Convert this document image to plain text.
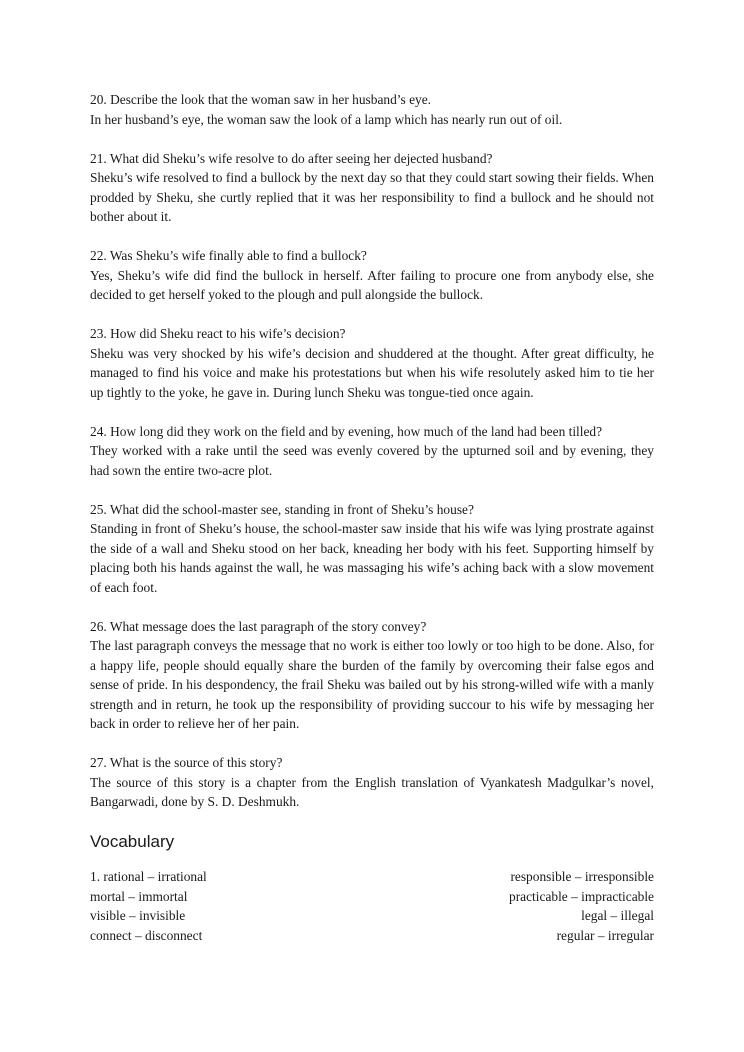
20. Describe the look that the woman saw in her husband’s eye.

In her husband’s eye, the woman saw the look of a lamp which has nearly run out of oil.

21. What did Sheku’s wife resolve to do after seeing her dejected husband?

Sheku’s wife resolved to find a bullock by the next day so that they could start sowing their fields. When prodded by Sheku, she curtly replied that it was her responsibility to find a bullock and he should not bother about it.

22. Was Sheku’s wife finally able to find a bullock?

Yes, Sheku’s wife did find the bullock in herself. After failing to procure one from anybody else, she decided to get herself yoked to the plough and pull alongside the bullock.

23. How did Sheku react to his wife’s decision?

Sheku was very shocked by his wife’s decision and shuddered at the thought. After great difficulty, he managed to find his voice and make his protestations but when his wife resolutely asked him to tie her up tightly to the yoke, he gave in. During lunch Sheku was tongue-tied once again.

24. How long did they work on the field and by evening, how much of the land had been tilled?

They worked with a rake until the seed was evenly covered by the upturned soil and by evening, they had sown the entire two-acre plot.

25. What did the school-master see, standing in front of Sheku’s house?

Standing in front of Sheku’s house, the school-master saw inside that his wife was lying prostrate against the side of a wall and Sheku stood on her back, kneading her body with his feet. Supporting himself by placing both his hands against the wall, he was massaging his wife’s aching back with a slow movement of each foot.

26. What message does the last paragraph of the story convey?

The last paragraph conveys the message that no work is either too lowly or too high to be done. Also, for a happy life, people should equally share the burden of the family by overcoming their false egos and sense of pride. In his despondency, the frail Sheku was bailed out by his strong-willed wife with a manly strength and in return, he took up the responsibility of providing succour to his wife by messaging her back in order to relieve her of her pain.

27. What is the source of this story?

The source of this story is a chapter from the English translation of Vyankatesh Madgulkar’s novel, Bangarwadi, done by S. D. Deshmukh.

Vocabulary
1. rational – irrational	responsible – irresponsible
mortal – immortal	practicable – impracticable
visible – invisible	legal – illegal
connect – disconnect	regular – irregular
